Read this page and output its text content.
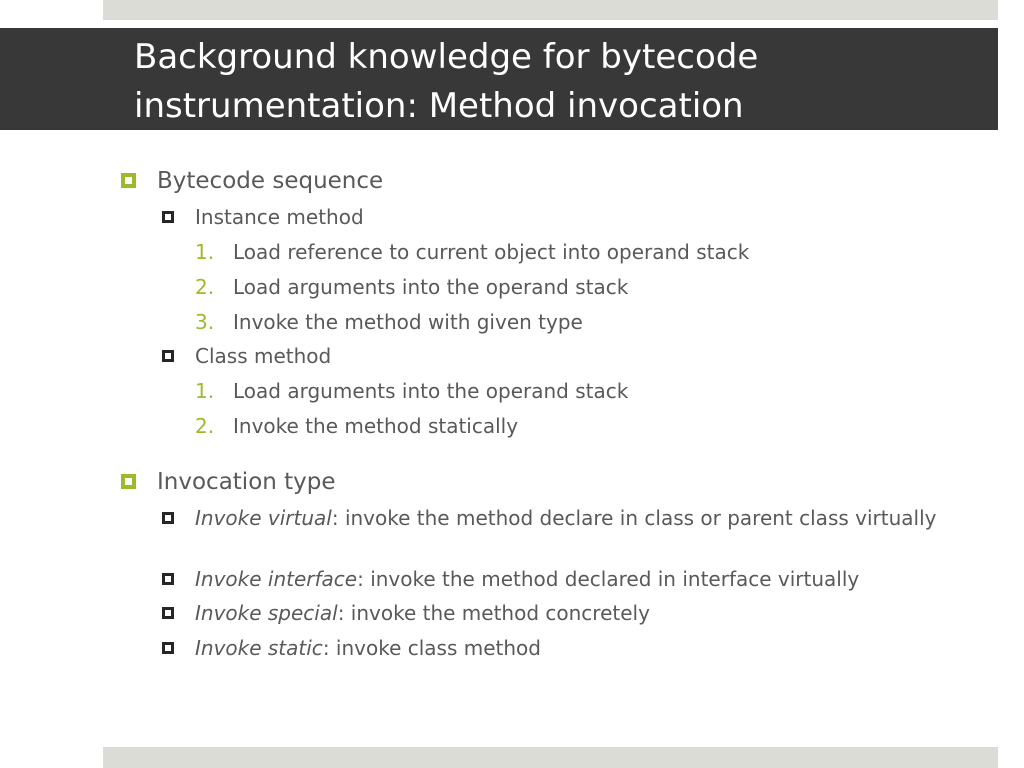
Background knowledge for bytecode
instrumentation: Method invocation
Bytecode sequence
Instance method
1. Load reference to current object into operand stack
2. Load arguments into the operand stack
3. Invoke the method with given type
Class method
1. Load arguments into the operand stack
2. Invoke the method statically
Invocation type
Invoke virtual: invoke the method declare in class or parent class virtually
Invoke interface: invoke the method declared in interface virtually
Invoke special: invoke the method concretely
Invoke static: invoke class method
